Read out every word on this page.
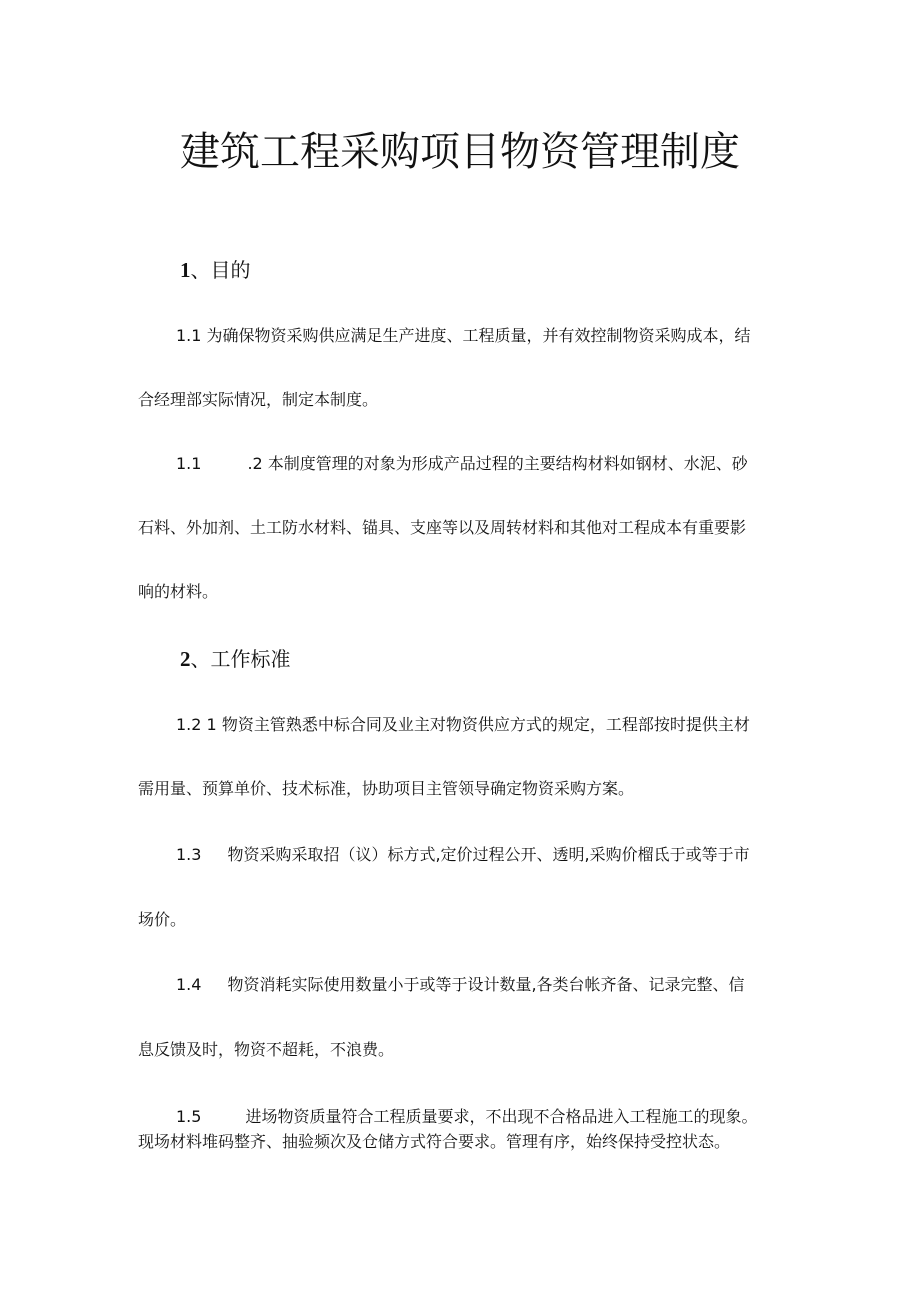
建筑工程采购项目物资管理制度
1、目的
1.1 为确保物资采购供应满足生产进度、工程质量，并有效控制物资采购成本，结
合经理部实际情况，制定本制度。
1.1	.2 本制度管理的对象为形成产品过程的主要结构材料如钢材、水泥、砂
石料、外加剂、土工防水材料、锚具、支座等以及周转材料和其他对工程成本有重要影
响的材料。
2、工作标准
1.2 1 物资主管熟悉中标合同及业主对物资供应方式的规定，工程部按时提供主材
需用量、预算单价、技术标准，协助项目主管领导确定物资采购方案。
1.3 物资采购采取招（议）标方式,定价过程公开、透明,采购价榴氐于或等于市
场价。
1.4 物资消耗实际使用数量小于或等于设计数量,各类台帐齐备、记录完整、信
息反馈及时，物资不超耗，不浪费。
1.5	进场物资质量符合工程质量要求，不出现不合格品进入工程施工的现象。
现场材料堆码整齐、抽验频次及仓储方式符合要求。管理有序，始终保持受控状态。
